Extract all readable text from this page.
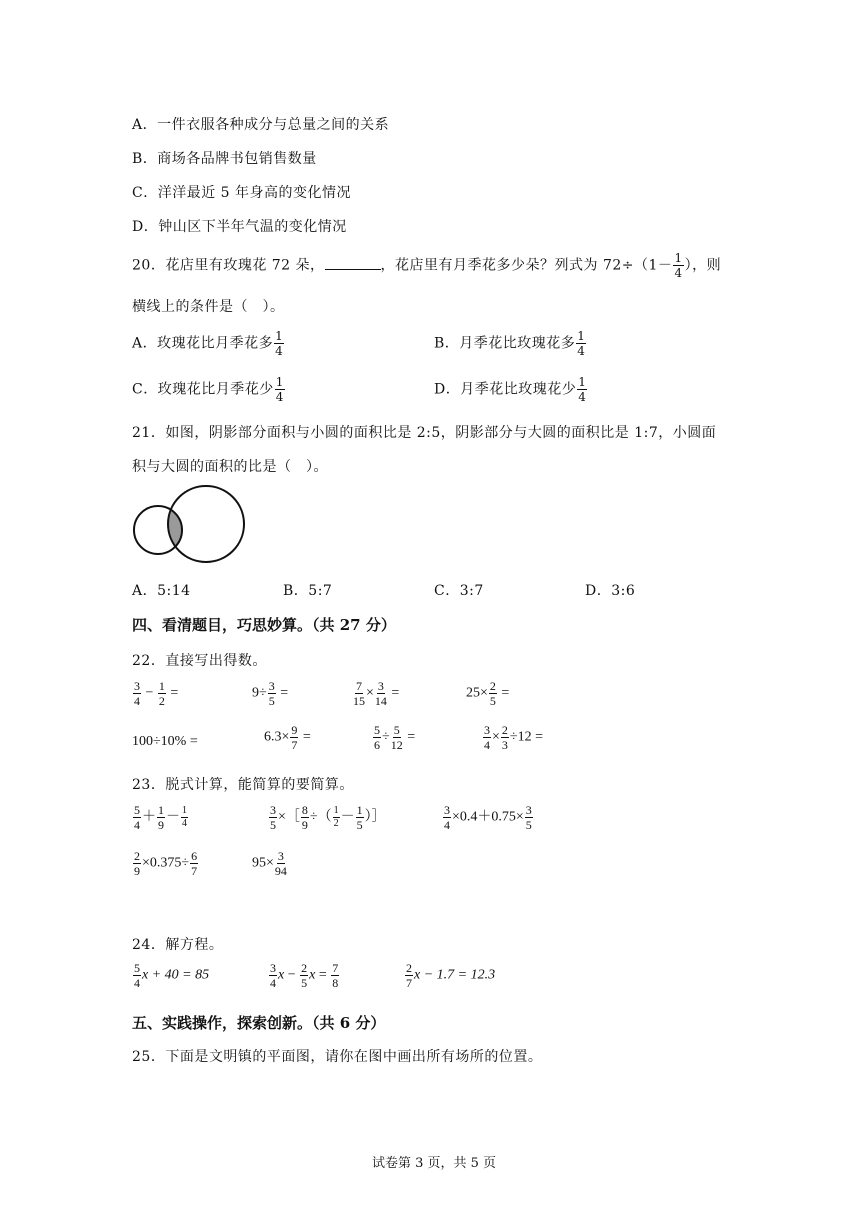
A．一件衣服各种成分与总量之间的关系
B．商场各品牌书包销售数量
C．洋洋最近 5 年身高的变化情况
D．钟山区下半年气温的变化情况
20．花店里有玫瑰花 72 朵，	，花店里有月季花多少朵？列式为 $72\div(1- \frac{1}{4}$ ），则
横线上的条件是（　）。
A．玫瑰花比月季花多 $\frac{1}{4}$	B．月季花比玫瑰花多 $\frac{1}{4}$
C．玫瑰花比月季花少 $\frac{1}{4}$	D．月季花比玫瑰花少 $\frac{1}{4}$
21．如图，阴影部分面积与小圆的面积比是 2:5，阴影部分与大圆的面积比是 1:7，小圆面
积与大圆的面积的比是（　）。
A．5:14	B．5:7	C．3:7	D．3:6
四、看清题目，巧思妙算。（共 27 分）
22．直接写出得数。
$\frac{3}{4} - \frac{1}{2}$ =	$9\div \frac{3}{5}$ =	$\frac{7}{15} \times \frac{3}{14}$ =	$25\times \frac{2}{5}$ =
100÷10% =	$6.3\times \frac{9}{7}$ =	$\frac{5}{6} \div \frac{5}{12}$ =	$\frac{3}{4} \times \frac{2}{3} \div 12$ =
23．脱式计算，能简算的要简算。
$\frac{5}{4} + \frac{1}{9} - \frac{1}{4}$	$\frac{3}{5}$ ×［ $\frac{8}{9}$ ÷（ $\frac{1}{2} - \frac{1}{5}$ ）］	$\frac{3}{4} \times 0.4+0.75\times \frac{3}{5}$
$\frac{2}{9} \times 0.375\div \frac{6}{7}$	$95\times \frac{3}{94}$
24．解方程。
$\frac{5}{4}$ x + 40 = 85	$\frac{3}{4}$ $x - \frac{2}{5}$ $x = \frac{7}{8}$	$\frac{2}{7}$ x − 1.7 = 12.3
五、实践操作，探索创新。（共 6 分）
25．下面是文明镇的平面图，请你在图中画出所有场所的位置。
试卷第 3 页，共 5 页
